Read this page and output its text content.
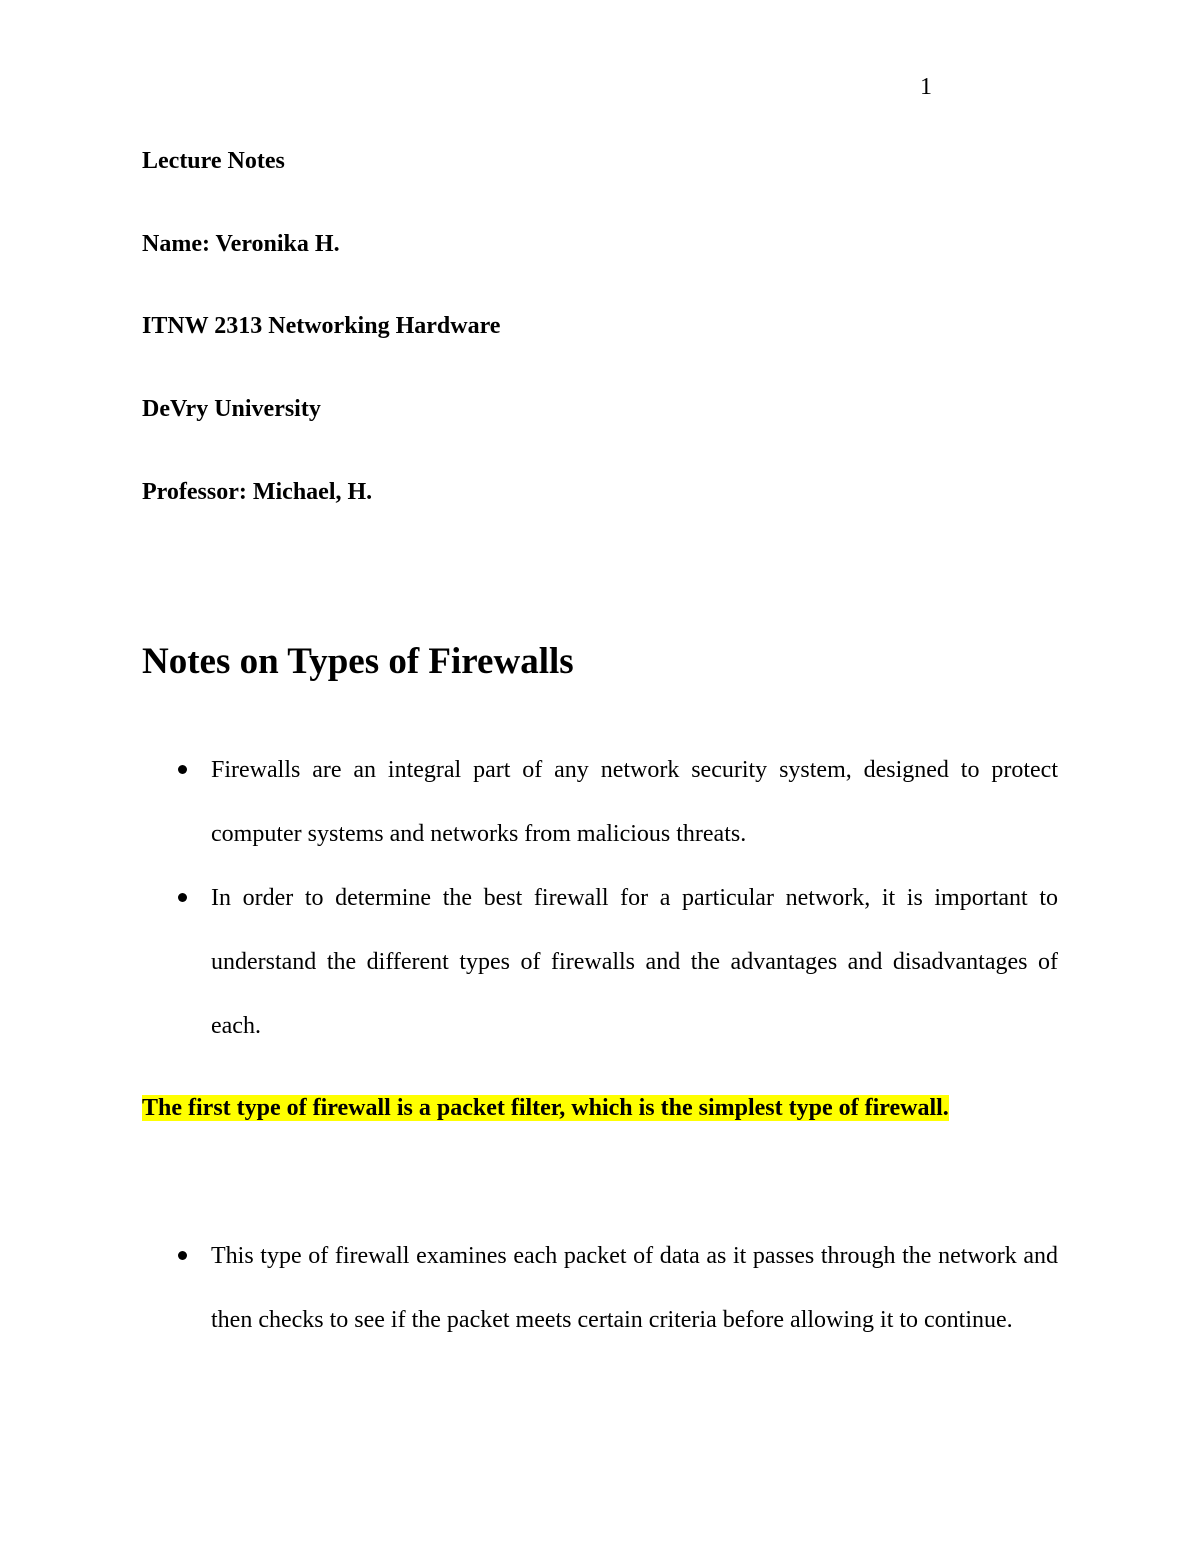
1
Lecture Notes
Name: Veronika H.
ITNW 2313 Networking Hardware
DeVry University
Professor: Michael, H.
Notes on Types of Firewalls
Firewalls are an integral part of any network security system, designed to protect computer systems and networks from malicious threats.
In order to determine the best firewall for a particular network, it is important to understand the different types of firewalls and the advantages and disadvantages of each.

The first type of firewall is a packet filter, which is the simplest type of firewall.

This type of firewall examines each packet of data as it passes through the network and then checks to see if the packet meets certain criteria before allowing it to continue.
